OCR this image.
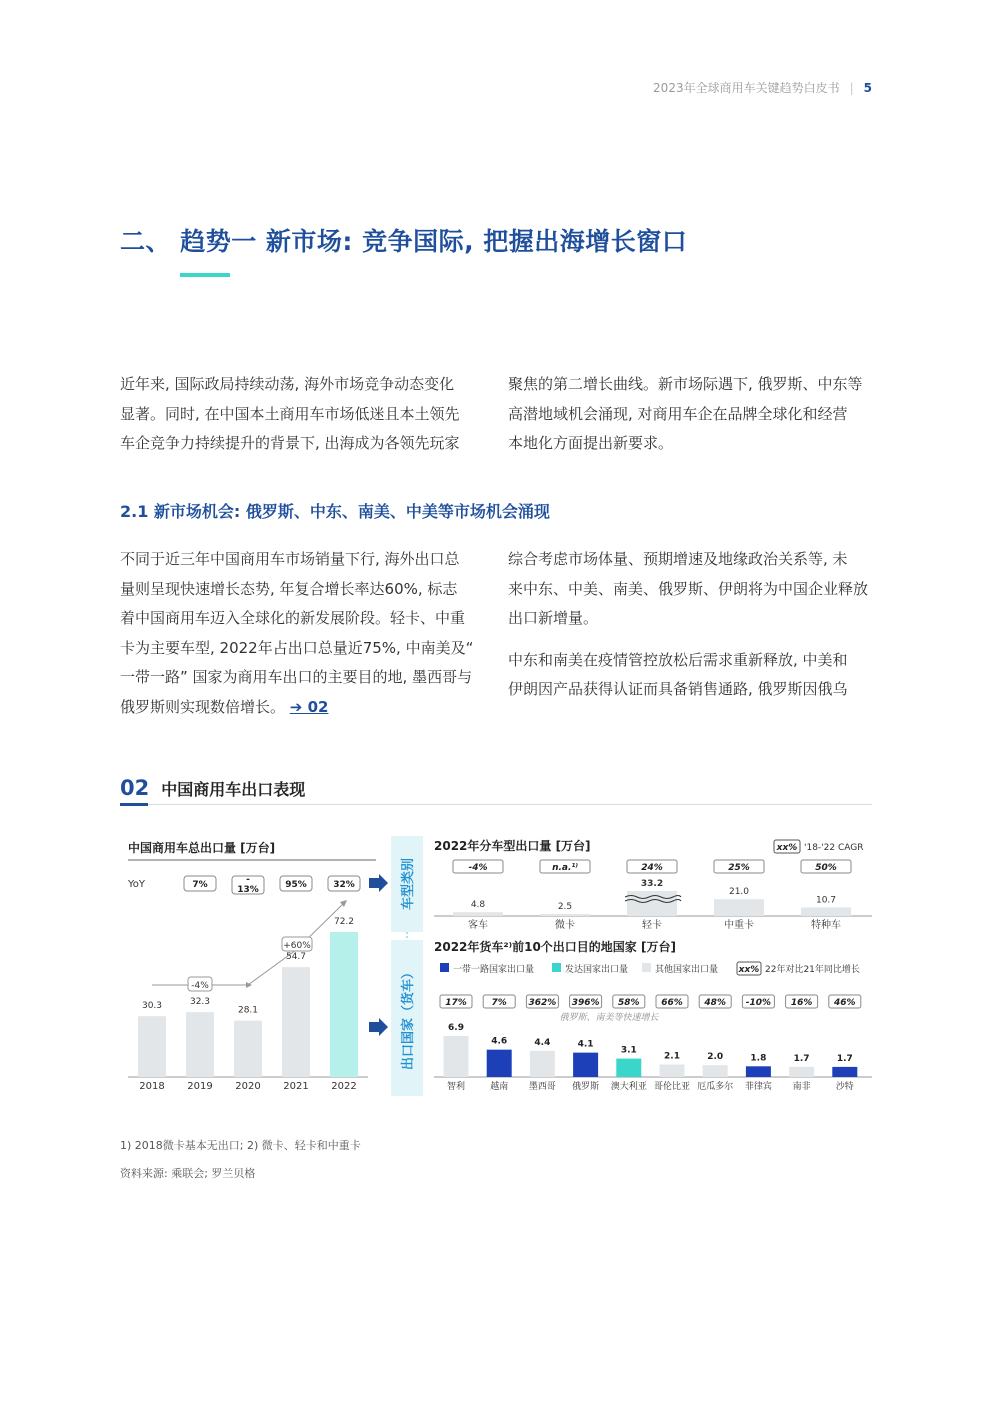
2023年全球商用车关键趋势白皮书 | 5
二、 趋势一 新市场: 竞争国际, 把握出海增长窗口
近年来, 国际政局持续动荡, 海外市场竞争动态变化
显著。同时, 在中国本土商用车市场低迷且本土领先
车企竞争力持续提升的背景下, 出海成为各领先玩家
聚焦的第二增长曲线。新市场际遇下, 俄罗斯、中东等
高潜地域机会涌现, 对商用车企在品牌全球化和经营
本地化方面提出新要求。
2.1 新市场机会: 俄罗斯、中东、南美、中美等市场机会涌现
不同于近三年中国商用车市场销量下行, 海外出口总
量则呈现快速增长态势, 年复合增长率达60%, 标志
着中国商用车迈入全球化的新发展阶段。轻卡、中重
卡为主要车型, 2022年占出口总量近75%, 中南美及“
一带一路” 国家为商用车出口的主要目的地, 墨西哥与
俄罗斯则实现数倍增长。 ➔ 02
综合考虑市场体量、预期增速及地缘政治关系等, 未
来中东、中美、南美、俄罗斯、伊朗将为中国企业释放
出口新增量。
中东和南美在疫情管控放松后需求重新释放, 中美和
伊朗因产品获得认证而具备销售通路, 俄罗斯因俄乌
02 中国商用车出口表现
中国商用车总出口量 [万台]
YoY
-4%
+60%
30.3
2018
32.3
2019
28.1
2020
54.7
2021
72.2
2022
7%	-13%	95%	32%	车型类别
出口国家（货车）
2022年分车型出口量 [万台]	xx% '18-'22 CAGR
4.8
客车
-4%
2.5
微卡
n.a.¹⁾
33.2
轻卡
24%
21.0
中重卡
25%
10.7
特种车
50%
2022年货车²⁾前10个出口目的地国家 [万台]
一带一路国家出口量	发达国家出口量	其他国家出口量 xx% 22年对比21年同比增长
俄罗斯、南美等快速增长
6.9
智利
17%
4.6
越南
7%
4.4
墨西哥
362%
4.1
俄罗斯
396%
3.1
澳大利亚
58%
2.1
哥伦比亚
66%
2.0
厄瓜多尔
48%
1.8
菲律宾
-10%
1.7
南非
16%
1.7
沙特
46%
1) 2018微卡基本无出口; 2) 微卡、轻卡和中重卡
资料来源: 乘联会; 罗兰贝格
